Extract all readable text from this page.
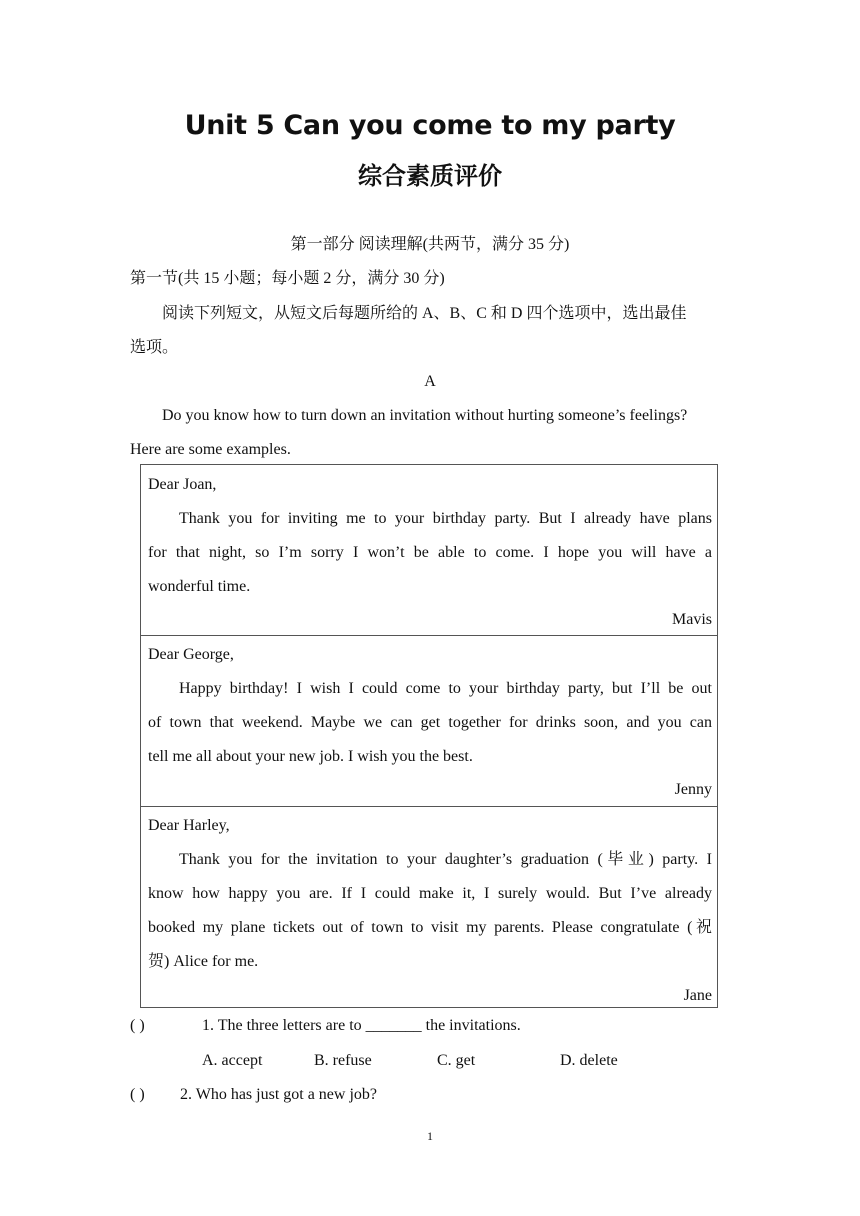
Unit 5 Can you come to my party
综合素质评价
第一部分 阅读理解(共两节，满分 35 分)
第一节(共 15 小题；每小题 2 分，满分 30 分)
阅读下列短文，从短文后每题所给的 A、B、C 和 D 四个选项中，选出最佳
选项。
A
Do you know how to turn down an invitation without hurting someone’s feelings?
Here are some examples.
Dear Joan,
Thank you for inviting me to your birthday party. But I already have plans
for that night, so I’m sorry I won’t be able to come. I hope you will have a
wonderful time.
Mavis
Dear George,
Happy birthday! I wish I could come to your birthday party, but I’ll be out
of town that weekend. Maybe we can get together for drinks soon, and you can
tell me all about your new job. I wish you the best.
Jenny
Dear Harley,
Thank you for the invitation to your daughter’s graduation (毕业) party. I
know how happy you are. If I could make it, I surely would. But I’ve already
booked my plane tickets out of town to visit my parents. Please congratulate (祝
贺) Alice for me.
Jane
( )	1. The three letters are to _______ the invitations.
A. accept	B. refuse	C. get	D. delete
( ) 2. Who has just got a new job?
1
